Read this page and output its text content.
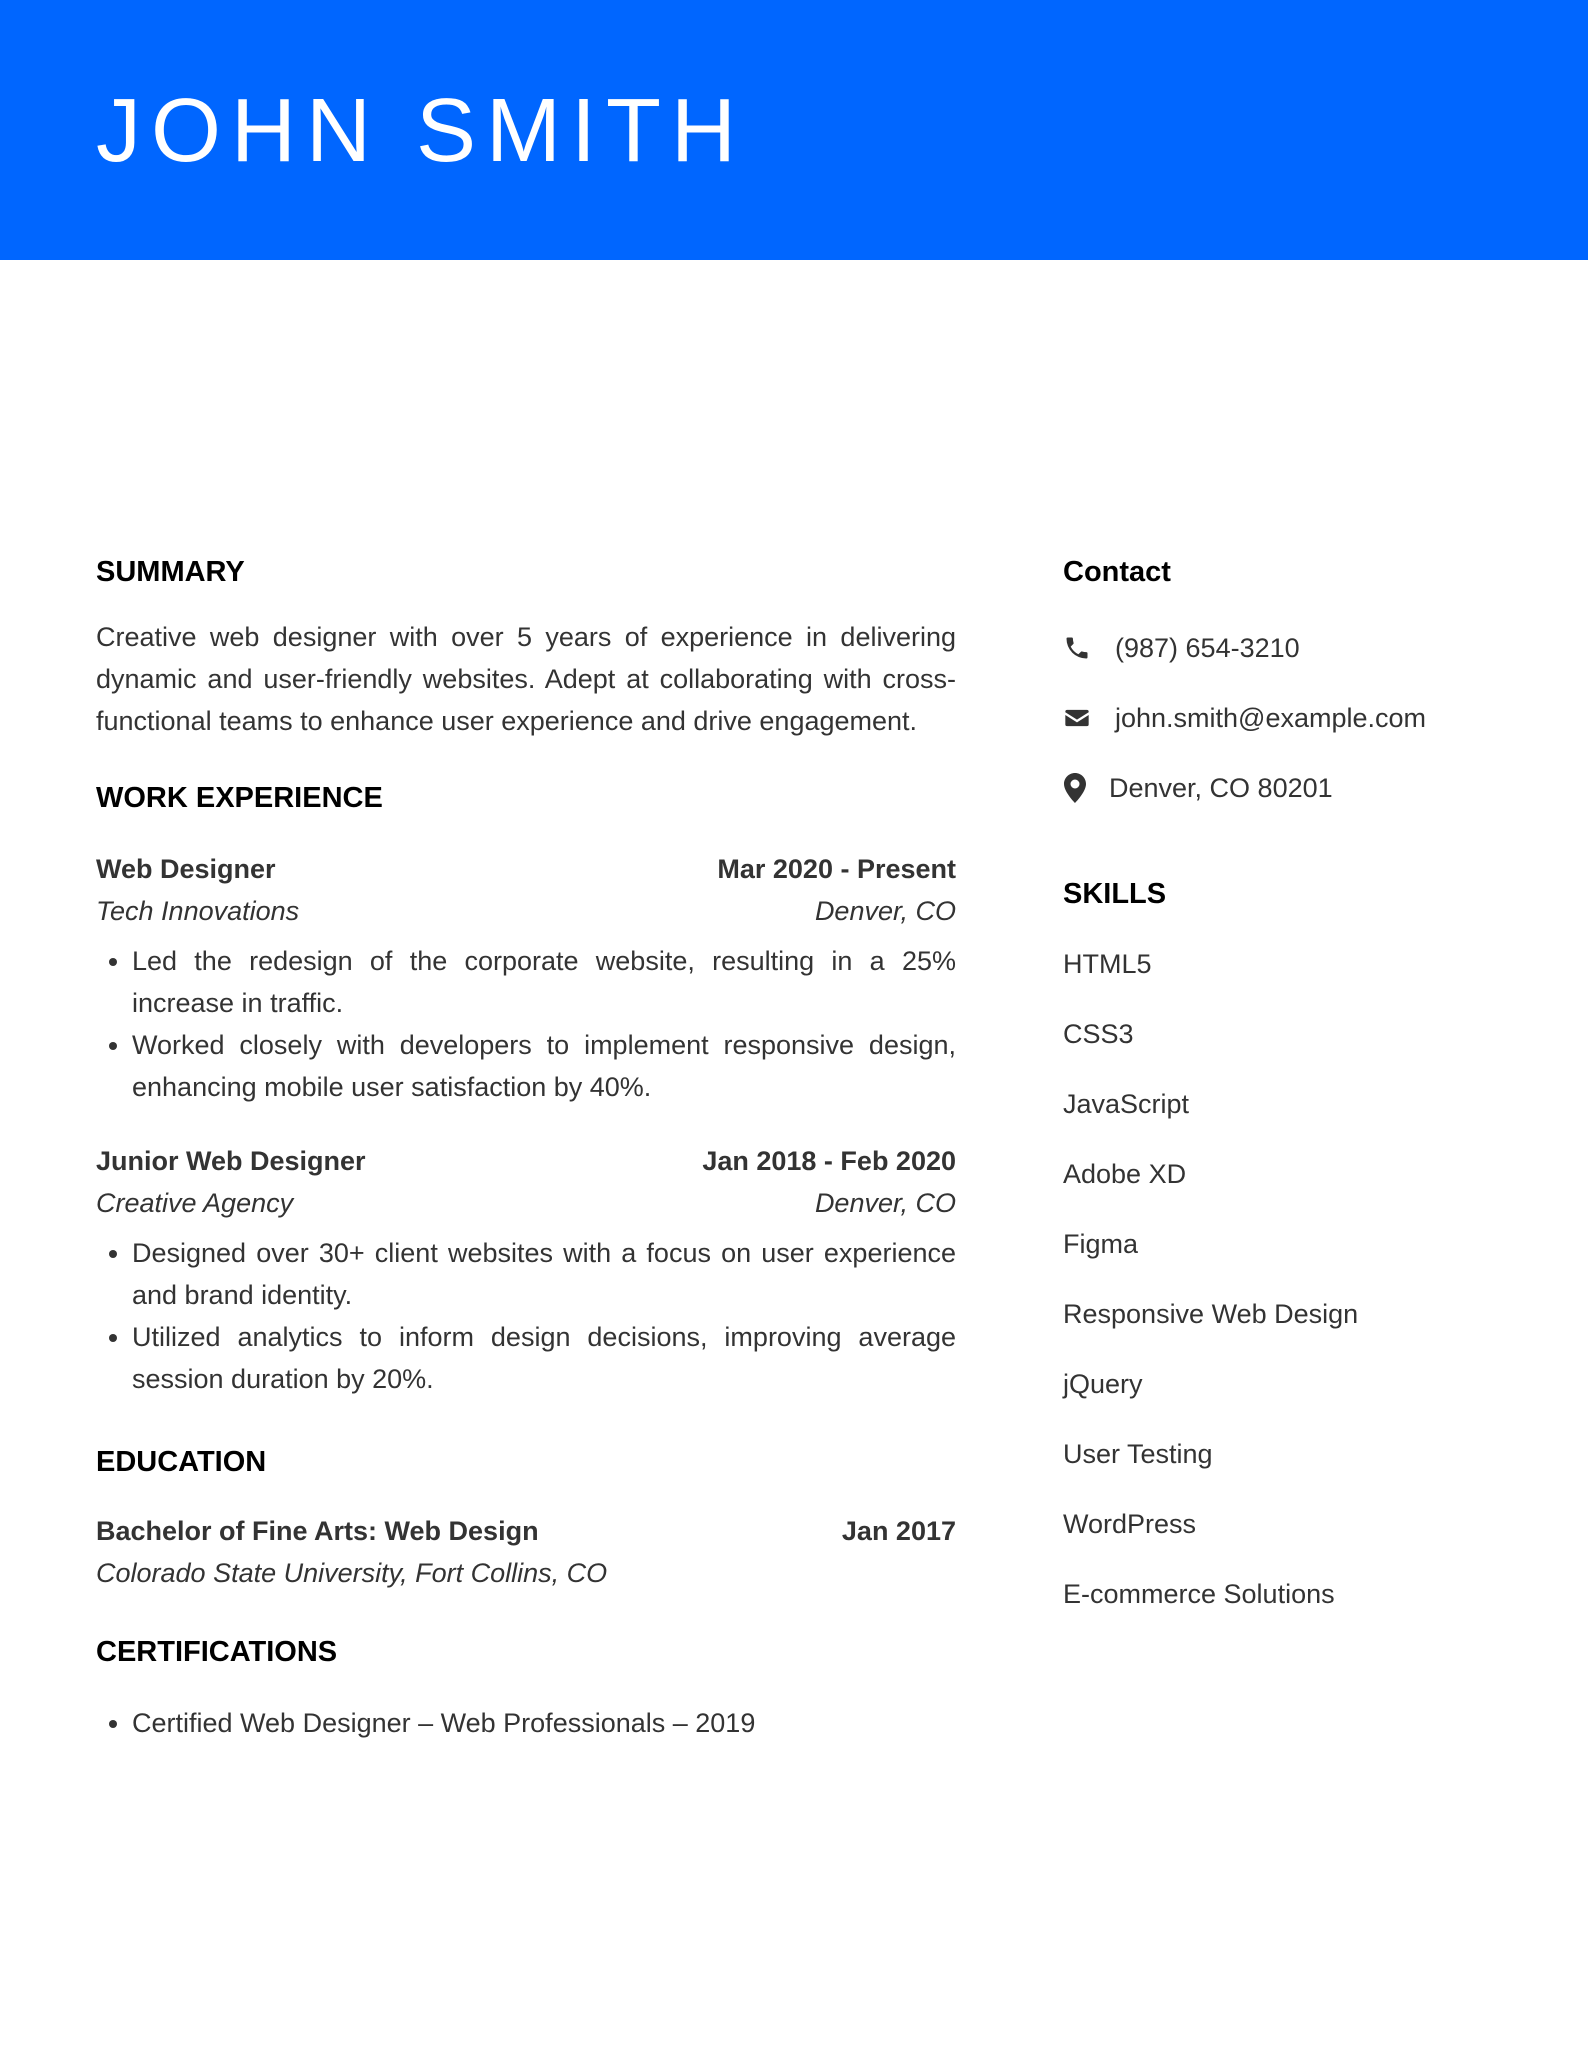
JOHN SMITH
SUMMARY

Creative web designer with over 5 years of experience in delivering dynamic and user-friendly websites. Adept at collaborating with cross-functional teams to enhance user experience and drive engagement.

WORK EXPERIENCE
Web Designer	Mar 2020 - Present
Tech Innovations	Denver, CO
• Led the redesign of the corporate website, resulting in a 25% increase in traffic.
• Worked closely with developers to implement responsive design, enhancing mobile user satisfaction by 40%.
Junior Web Designer	Jan 2018 - Feb 2020
Creative Agency	Denver, CO
• Designed over 30+ client websites with a focus on user experience and brand identity.
• Utilized analytics to inform design decisions, improving average session duration by 20%.
EDUCATION
Bachelor of Fine Arts: Web Design	Jan 2017
Colorado State University, Fort Collins, CO
CERTIFICATIONS
• Certified Web Designer – Web Professionals – 2019
Contact
(987) 654-3210
john.smith@example.com
Denver, CO 80201
SKILLS
HTML5
CSS3
JavaScript
Adobe XD
Figma
Responsive Web Design
jQuery
User Testing
WordPress
E-commerce Solutions
